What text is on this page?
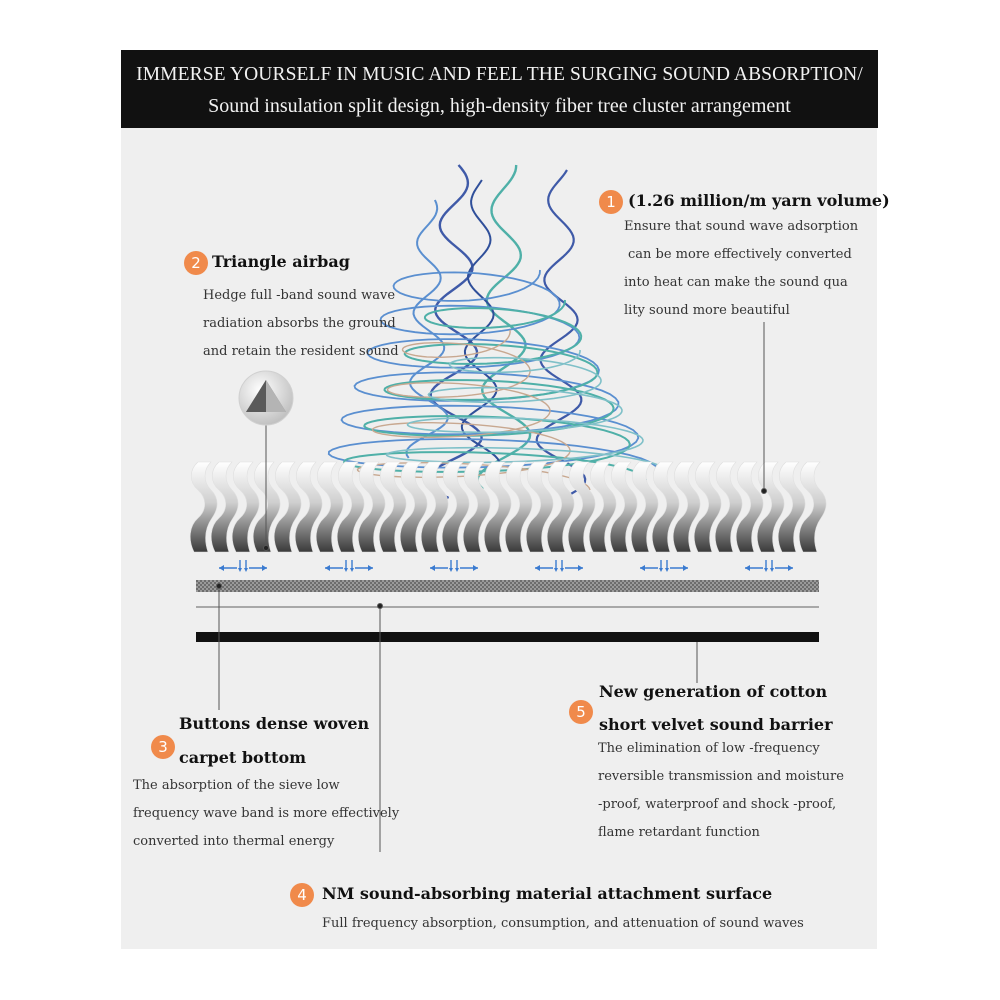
IMMERSE YOURSELF IN MUSIC AND FEEL THE SURGING SOUND ABSORPTION/
Sound insulation split design, high-density fiber tree cluster arrangement
1 (1.26 million/m yarn volume)
Ensure that sound wave adsorption
can be more effectively converted
into heat can make the sound qua
lity sound more beautiful
2 Triangle airbag
Hedge full -band sound wave
radiation absorbs the ground
and retain the resident sound
Buttons dense woven
3
carpet bottom
The absorption of the sieve low
frequency wave band is more effectively
converted into thermal energy
New generation of cotton
5
short velvet sound barrier
The elimination of low -frequency
reversible transmission and moisture
-proof, waterproof and shock -proof,
flame retardant function
4 NM sound-absorbing material attachment surface
Full frequency absorption, consumption, and attenuation of sound waves
